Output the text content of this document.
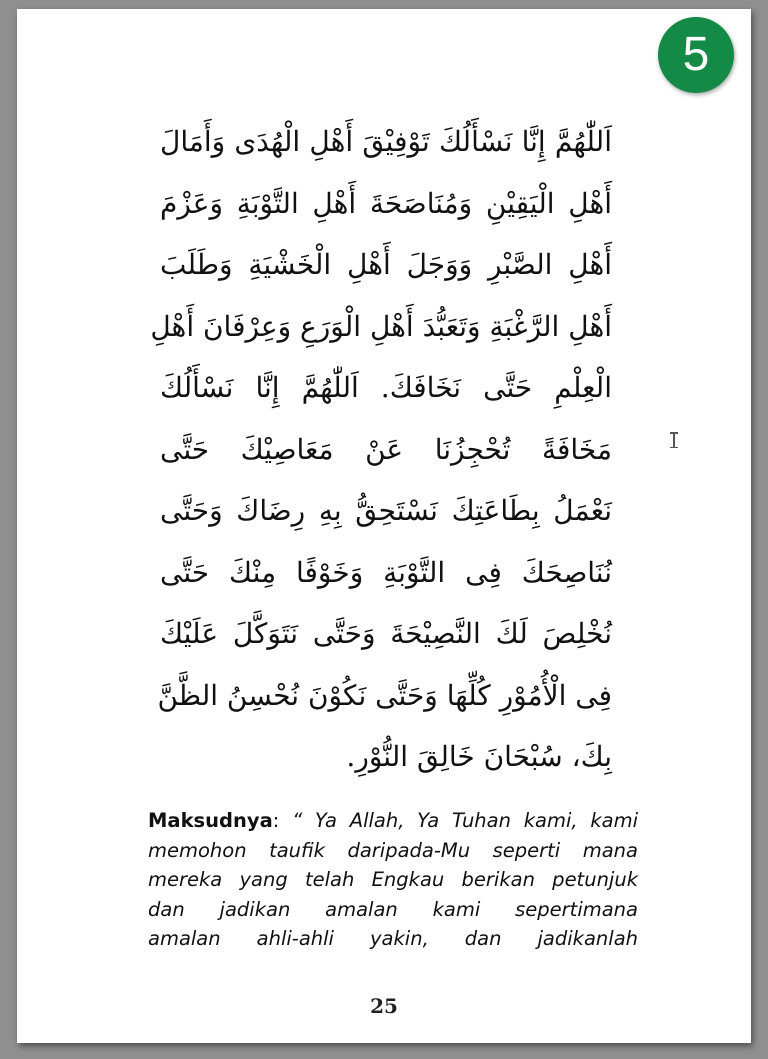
5
اَللّٰهُمَّ إِنَّا نَسْأَلُكَ تَوْفِيْقَ أَهْلِ الْهُدَى وَأَمَالَ
أَهْلِ الْيَقِيْنِ وَمُنَاصَحَةَ أَهْلِ التَّوْبَةِ وَعَزْمَ
أَهْلِ الصَّبْرِ وَوَجَلَ أَهْلِ الْخَشْيَةِ وَطَلَبَ
أَهْلِ الرَّغْبَةِ وَتَعَبُّدَ أَهْلِ الْوَرَعِ وَعِرْفَانَ أَهْلِ
الْعِلْمِ حَتَّى نَخَافَكَ. اَللّٰهُمَّ إِنَّا نَسْأَلُكَ
مَخَافَةً تُحْجِزُنَا عَنْ مَعَاصِيْكَ حَتَّى
نَعْمَلُ بِطَاعَتِكَ نَسْتَحِقُّ بِهِ رِضَاكَ وَحَتَّى
نُنَاصِحَكَ فِى التَّوْبَةِ وَخَوْفًا مِنْكَ حَتَّى
نُخْلِصَ لَكَ النَّصِيْحَةَ وَحَتَّى نَتَوَكَّلَ عَلَيْكَ
فِى الْأُمُوْرِ كُلِّهَا وَحَتَّى نَكُوْنَ نُحْسِنُ الظَّنَّ
بِكَ، سُبْحَانَ خَالِقَ النُّوْرِ.
Maksudnya: “ Ya Allah, Ya Tuhan kami, kami
memohon taufik daripada-Mu seperti mana
mereka yang telah Engkau berikan petunjuk
dan jadikan amalan kami sepertimana
amalan ahli-ahli yakin, dan jadikanlah
25
